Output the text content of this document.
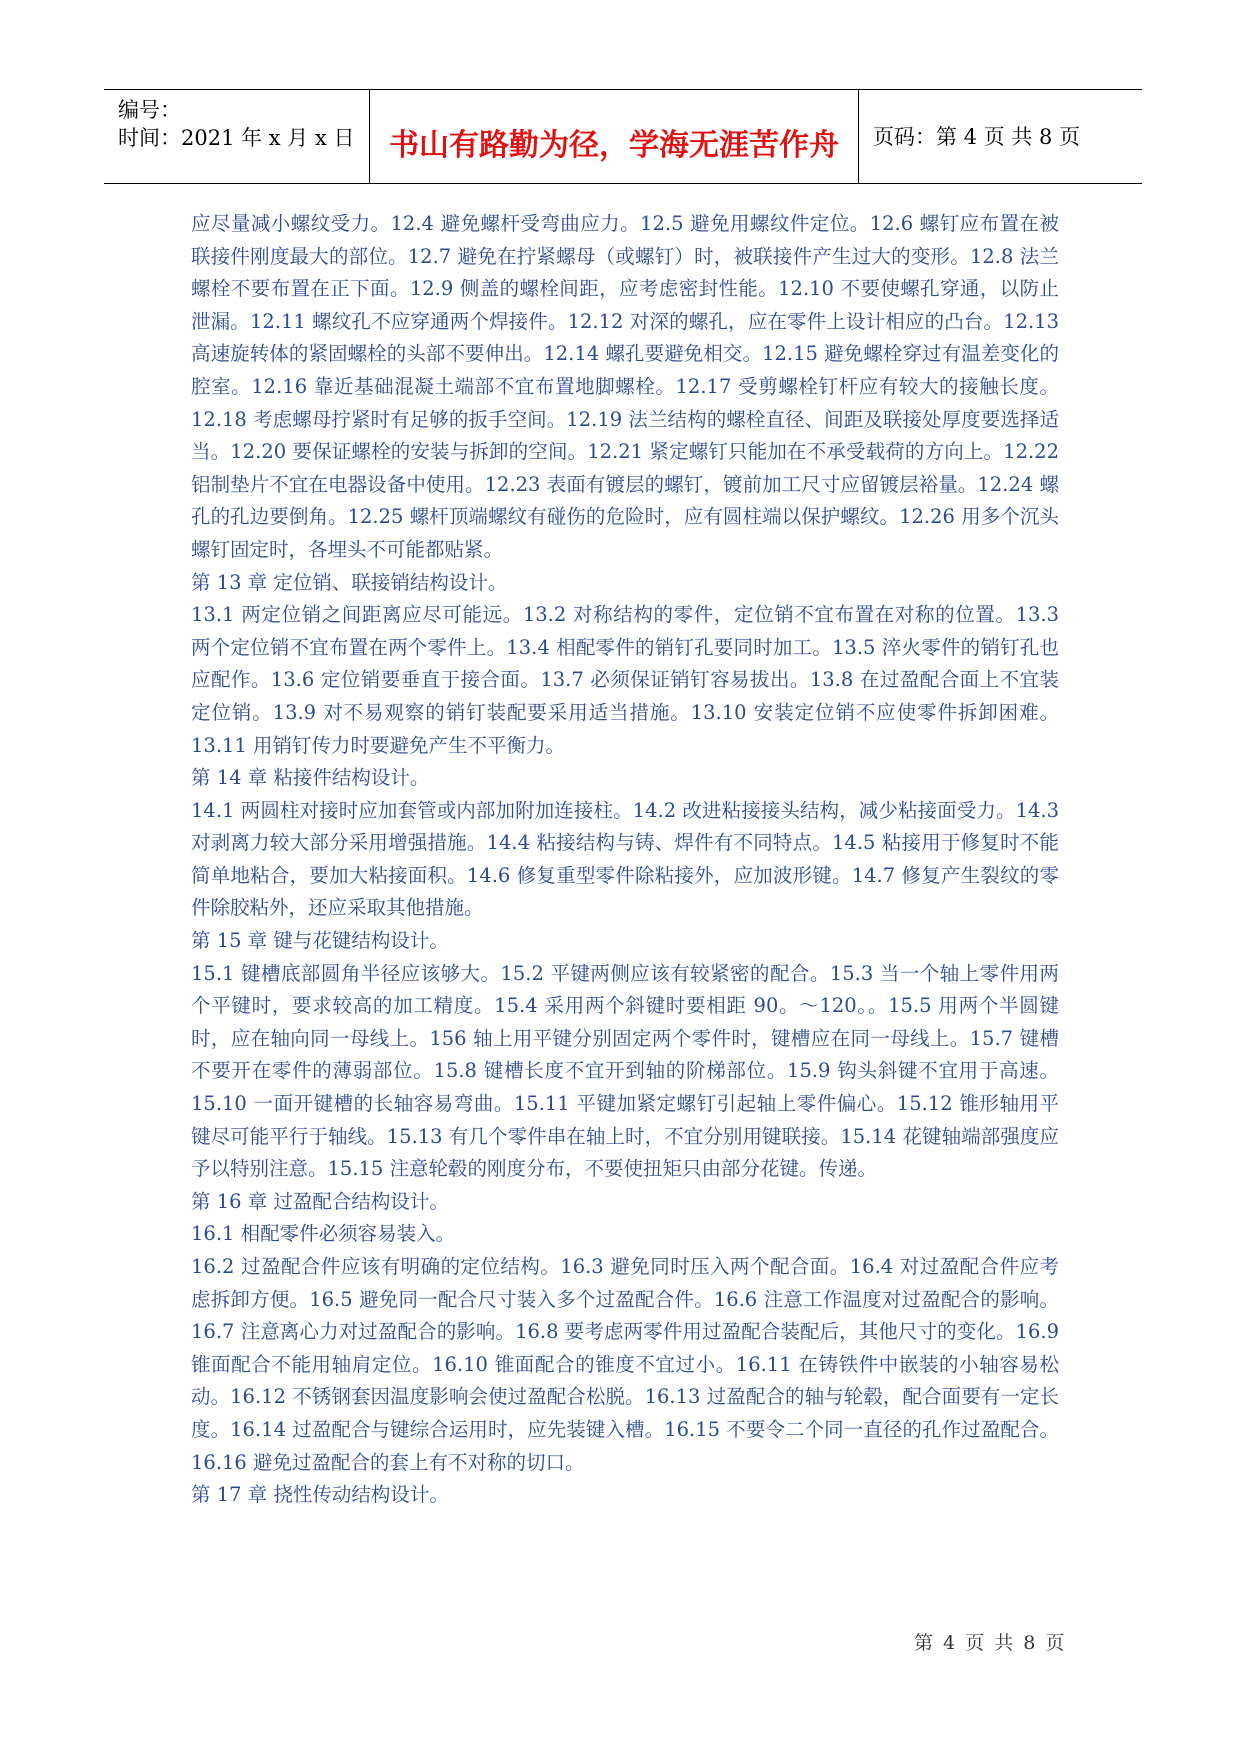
编号：
时间：2021 年 x 月 x 日	书山有路勤为径，学海无涯苦作舟	页码：第 4 页 共 8 页

应尽量减小螺纹受力。12.4 避免螺杆受弯曲应力。12.5 避免用螺纹件定位。12.6 螺钉应布置在被联接件刚度最大的部位。12.7 避免在拧紧螺母（或螺钉）时，被联接件产生过大的变形。12.8 法兰螺栓不要布置在正下面。12.9 侧盖的螺栓间距，应考虑密封性能。12.10 不要使螺孔穿通，以防止泄漏。12.11 螺纹孔不应穿通两个焊接件。12.12 对深的螺孔，应在零件上设计相应的凸台。12.13 高速旋转体的紧固螺栓的头部不要伸出。12.14 螺孔要避免相交。12.15 避免螺栓穿过有温差变化的腔室。12.16 靠近基础混凝土端部不宜布置地脚螺栓。12.17 受剪螺栓钉杆应有较大的接触长度。12.18 考虑螺母拧紧时有足够的扳手空间。12.19 法兰结构的螺栓直径、间距及联接处厚度要选择适当。12.20 要保证螺栓的安装与拆卸的空间。12.21 紧定螺钉只能加在不承受载荷的方向上。12.22 铝制垫片不宜在电器设备中使用。12.23 表面有镀层的螺钉，镀前加工尺寸应留镀层裕量。12.24 螺孔的孔边要倒角。12.25 螺杆顶端螺纹有碰伤的危险时，应有圆柱端以保护螺纹。12.26 用多个沉头螺钉固定时，各埋头不可能都贴紧。

第 13 章 定位销、联接销结构设计。

13.1 两定位销之间距离应尽可能远。13.2 对称结构的零件，定位销不宜布置在对称的位置。13.3 两个定位销不宜布置在两个零件上。13.4 相配零件的销钉孔要同时加工。13.5 淬火零件的销钉孔也应配作。13.6 定位销要垂直于接合面。13.7 必须保证销钉容易拔出。13.8 在过盈配合面上不宜装定位销。13.9 对不易观察的销钉装配要采用适当措施。13.10 安装定位销不应使零件拆卸困难。13.11 用销钉传力时要避免产生不平衡力。

第 14 章 粘接件结构设计。

14.1 两圆柱对接时应加套管或内部加附加连接柱。14.2 改进粘接接头结构，减少粘接面受力。14.3 对剥离力较大部分采用增强措施。14.4 粘接结构与铸、焊件有不同特点。14.5 粘接用于修复时不能简单地粘合，要加大粘接面积。14.6 修复重型零件除粘接外，应加波形键。14.7 修复产生裂纹的零件除胶粘外，还应采取其他措施。

第 15 章 键与花键结构设计。

15.1 键槽底部圆角半径应该够大。15.2 平键两侧应该有较紧密的配合。15.3 当一个轴上零件用两个平键时，要求较高的加工精度。15.4 采用两个斜键时要相距 90。～120。。15.5 用两个半圆键时，应在轴向同一母线上。156 轴上用平键分别固定两个零件时，键槽应在同一母线上。15.7 键槽不要开在零件的薄弱部位。15.8 键槽长度不宜开到轴的阶梯部位。15.9 钩头斜键不宜用于高速。15.10 一面开键槽的长轴容易弯曲。15.11 平键加紧定螺钉引起轴上零件偏心。15.12 锥形轴用平键尽可能平行于轴线。15.13 有几个零件串在轴上时，不宜分别用键联接。15.14 花键轴端部强度应予以特别注意。15.15 注意轮毂的刚度分布，不要使扭矩只由部分花键。传递。

第 16 章 过盈配合结构设计。

16.1 相配零件必须容易装入。

16.2 过盈配合件应该有明确的定位结构。16.3 避免同时压入两个配合面。16.4 对过盈配合件应考虑拆卸方便。16.5 避免同一配合尺寸装入多个过盈配合件。16.6 注意工作温度对过盈配合的影响。16.7 注意离心力对过盈配合的影响。16.8 要考虑两零件用过盈配合装配后，其他尺寸的变化。16.9 锥面配合不能用轴肩定位。16.10 锥面配合的锥度不宜过小。16.11 在铸铁件中嵌装的小轴容易松动。16.12 不锈钢套因温度影响会使过盈配合松脱。16.13 过盈配合的轴与轮毂，配合面要有一定长度。16.14 过盈配合与键综合运用时，应先装键入槽。16.15 不要令二个同一直径的孔作过盈配合。16.16 避免过盈配合的套上有不对称的切口。

第 17 章 挠性传动结构设计。

第 4 页 共 8 页
